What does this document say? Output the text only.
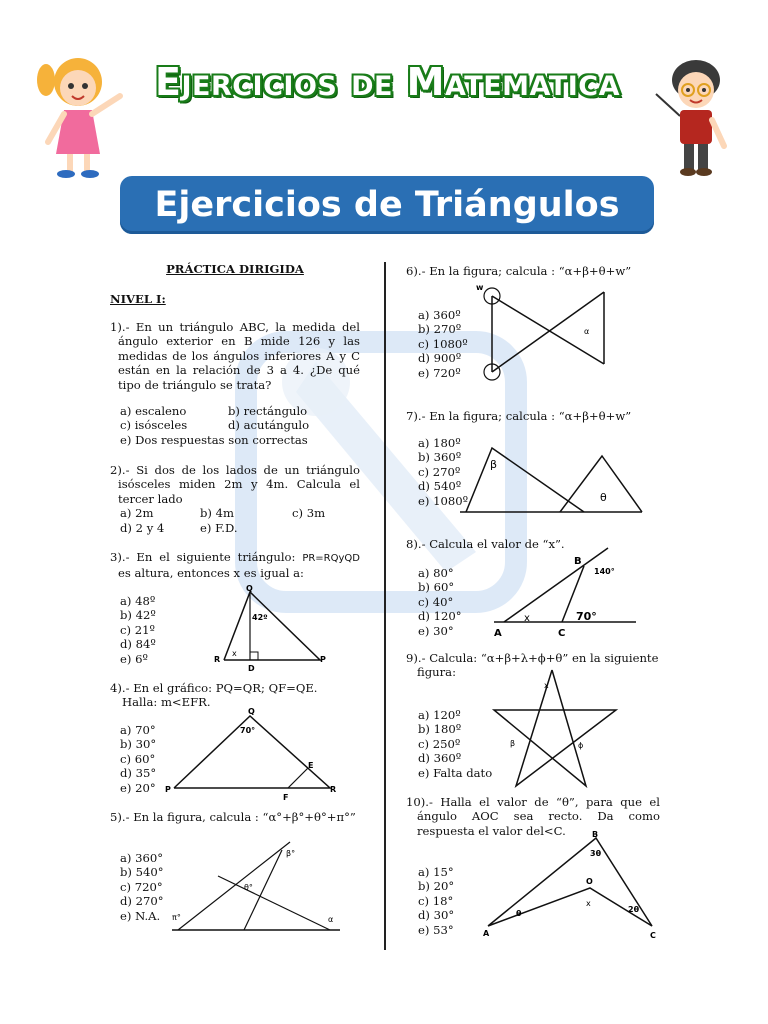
Ejercicios de Matematica
Ejercicios de Triángulos
PRÁCTICA DIRIGIDA
NIVEL I:
1).- En un triángulo ABC, la medida del ángulo exterior en B mide 126 y las medidas de los ángulos inferiores A y C están en la relación de 3 a 4. ¿De qué tipo de triángulo se trata?
a) escaleno	b) rectángulo
c) isósceles	d) acutángulo
e) Dos respuestas son correctas
2).- Si dos de los lados de un triángulo isósceles miden 2m y 4m. Calcula el tercer lado
a) 2m	b) 4m	c) 3m
d) 2 y 4	e) F.D.
3).- En el siguiente triángulo: PR=RQyQD es altura, entonces x es igual a:
a) 48º
b) 42º
c) 21º
d) 84º
e) 6º
Q
R
D
P
42º
x
4).- En el gráfico: PQ=QR; QF=QE.
Halla: m<EFR.
a) 70°
b) 30°
c) 60°
d) 35°
e) 20°
Q
P	R
E
F
70°
5).- En la figura, calcula : “α°+β°+θ°+π°”
a) 360°
b) 540°
c) 720°
d) 270°
e) N.A.
β°
θ°
π°	α
6).- En la figura; calcula : “α+β+θ+w”
a) 360º
b) 270º
c) 1080º
d) 900º
e) 720º
w
α
7).- En la figura; calcula : “α+β+θ+w”
a) 180º
b) 360º
c) 270º
d) 540º
e) 1080º
β
θ
8).- Calcula el valor de “x”.
a) 80°
b) 60°
c) 40°
d) 120°
e) 30°
B
A	C
x
140°
70°
9).- Calcula: “α+β+λ+ϕ+θ” en la siguiente figura:
a) 120º
b) 180º
c) 250º
d) 360º
e) Falta dato
x
β	ϕ
10).- Halla el valor de “θ”, para que el ángulo AOC sea recto. Da como respuesta el valor del<C.
a) 15°
b) 20°
c) 18°
d) 30°
e) 53°
B
O
A	C
3θ
θ	2θ
x
